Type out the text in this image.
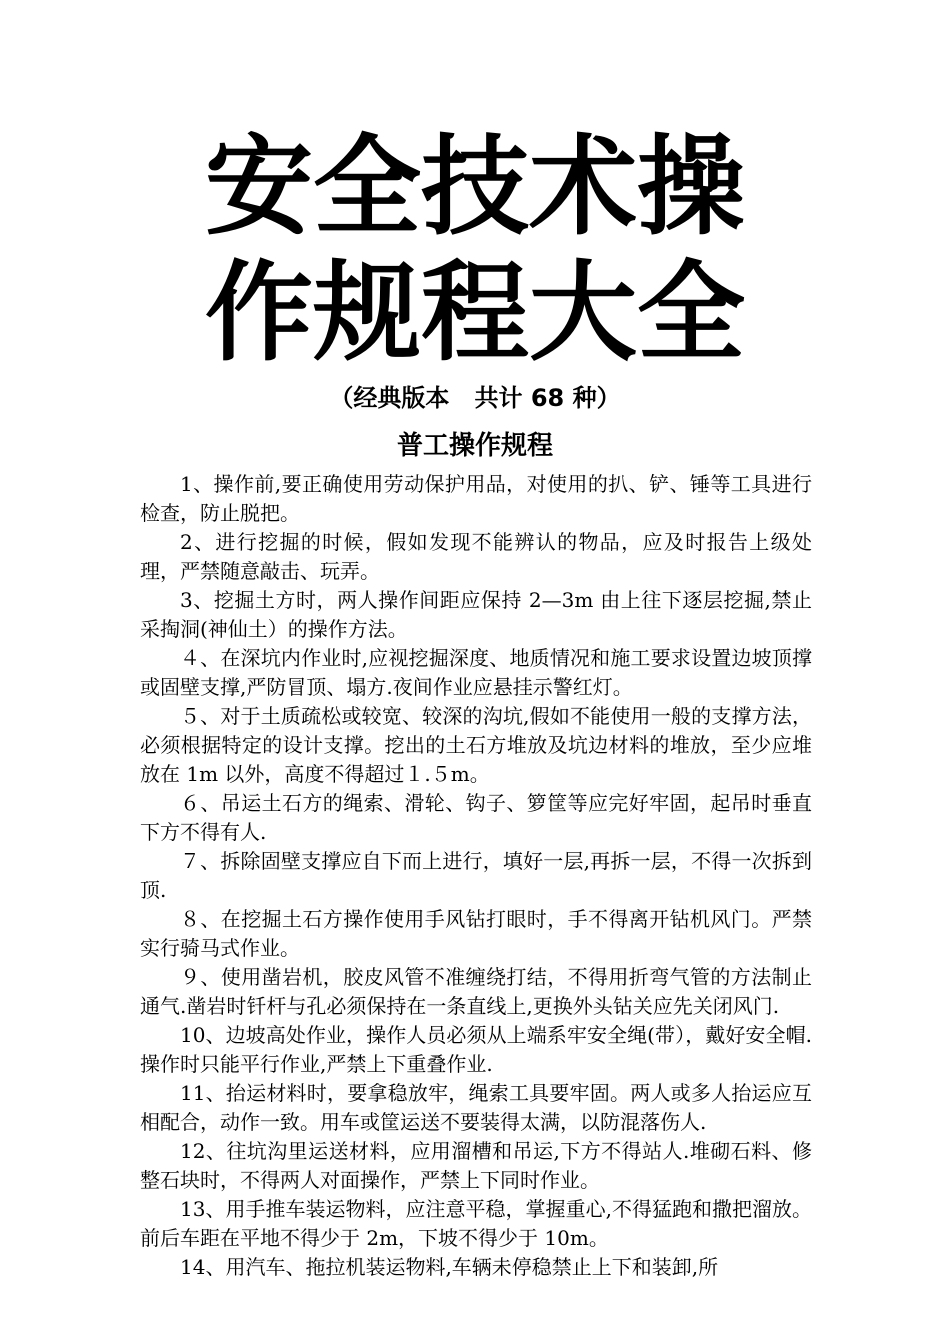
安全技术操
作规程大全

（经典版本   共计 68 种）

普工操作规程

1、操作前,要正确使用劳动保护用品，对使用的扒、铲、锤等工具进行检查，防止脱把。

2、进行挖掘的时候，假如发现不能辨认的物品，应及时报告上级处理，严禁随意敲击、玩弄。

3、挖掘土方时，两人操作间距应保持 2—3m 由上往下逐层挖掘,禁止采掏洞(神仙土）的操作方法。

４、在深坑内作业时,应视挖掘深度、地质情况和施工要求设置边坡顶撑或固壁支撑,严防冒顶、塌方.夜间作业应悬挂示警红灯。

５、对于土质疏松或较宽、较深的沟坑,假如不能使用一般的支撑方法，必须根据特定的设计支撑。挖出的土石方堆放及坑边材料的堆放，至少应堆放在 1m 以外，高度不得超过１.５m。

６、吊运土石方的绳索、滑轮、钩子、箩筐等应完好牢固，起吊时垂直下方不得有人.

７、拆除固壁支撑应自下而上进行，填好一层,再拆一层，不得一次拆到顶.

８、在挖掘土石方操作使用手风钻打眼时，手不得离开钻机风门。严禁实行骑马式作业。

９、使用凿岩机，胶皮风管不准缠绕打结，不得用折弯气管的方法制止通气.凿岩时钎杆与孔必须保持在一条直线上,更换外头钻关应先关闭风门.

10、边坡高处作业，操作人员必须从上端系牢安全绳(带），戴好安全帽.操作时只能平行作业,严禁上下重叠作业.

11、抬运材料时，要拿稳放牢，绳索工具要牢固。两人或多人抬运应互相配合，动作一致。用车或筐运送不要装得太满，以防混落伤人.

12、往坑沟里运送材料，应用溜槽和吊运,下方不得站人.堆砌石料、修整石块时，不得两人对面操作，严禁上下同时作业。

13、用手推车装运物料，应注意平稳，掌握重心,不得猛跑和撒把溜放。前后车距在平地不得少于 2m，下坡不得少于 10m。

14、用汽车、拖拉机装运物料,车辆未停稳禁止上下和装卸,所
